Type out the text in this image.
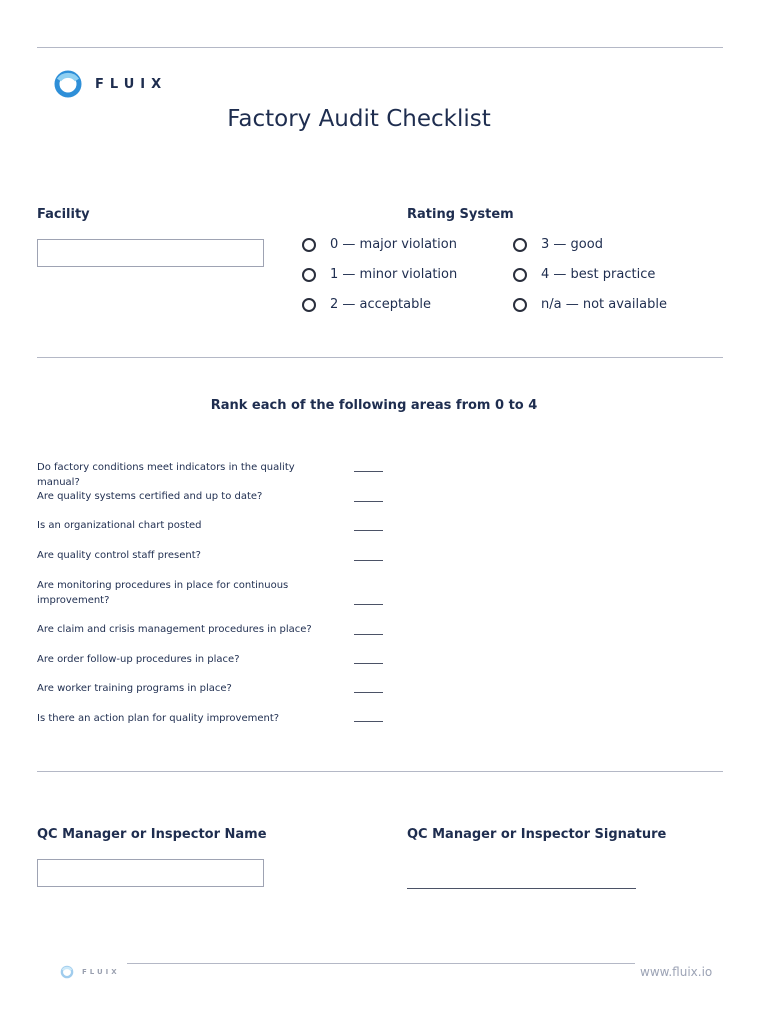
FLUIX
Factory Audit Checklist
Facility	Rating System
0 — major violation
1 — minor violation
2 — acceptable
3 — good
4 — best practice
n/a — not available
Rank each of the following areas from 0 to 4
Do factory conditions meet indicators in the quality manual?
Are quality systems certified and up to date?
Is an organizational chart posted
Are quality control staff present?
Are monitoring procedures in place for continuous improvement?
Are claim and crisis management procedures in place?
Are order follow-up procedures in place?
Are worker training programs in place?
Is there an action plan for quality improvement?
QC Manager or Inspector Name	QC Manager or Inspector Signature
FLUIX	www.fluix.io
